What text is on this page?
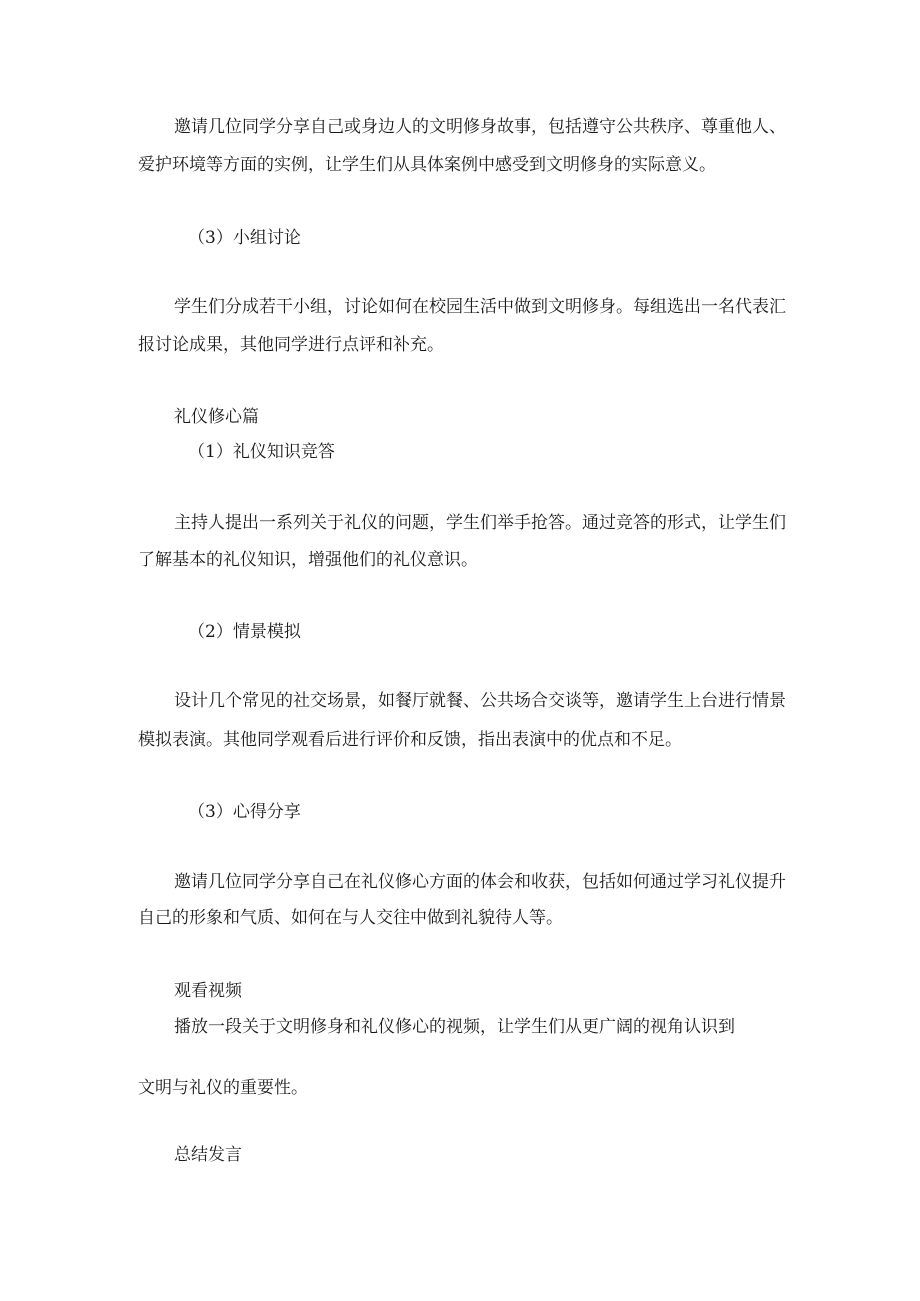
邀请几位同学分享自己或身边人的文明修身故事，包括遵守公共秩序、尊重他人、

爱护环境等方面的实例，让学生们从具体案例中感受到文明修身的实际意义。

（3）小组讨论

学生们分成若干小组，讨论如何在校园生活中做到文明修身。每组选出一名代表汇

报讨论成果，其他同学进行点评和补充。

礼仪修心篇

（1）礼仪知识竞答

主持人提出一系列关于礼仪的问题，学生们举手抢答。通过竞答的形式，让学生们

了解基本的礼仪知识，增强他们的礼仪意识。

（2）情景模拟

设计几个常见的社交场景，如餐厅就餐、公共场合交谈等，邀请学生上台进行情景

模拟表演。其他同学观看后进行评价和反馈，指出表演中的优点和不足。

（3）心得分享

邀请几位同学分享自己在礼仪修心方面的体会和收获，包括如何通过学习礼仪提升

自己的形象和气质、如何在与人交往中做到礼貌待人等。

观看视频

播放一段关于文明修身和礼仪修心的视频，让学生们从更广阔的视角认识到

文明与礼仪的重要性。

总结发言
